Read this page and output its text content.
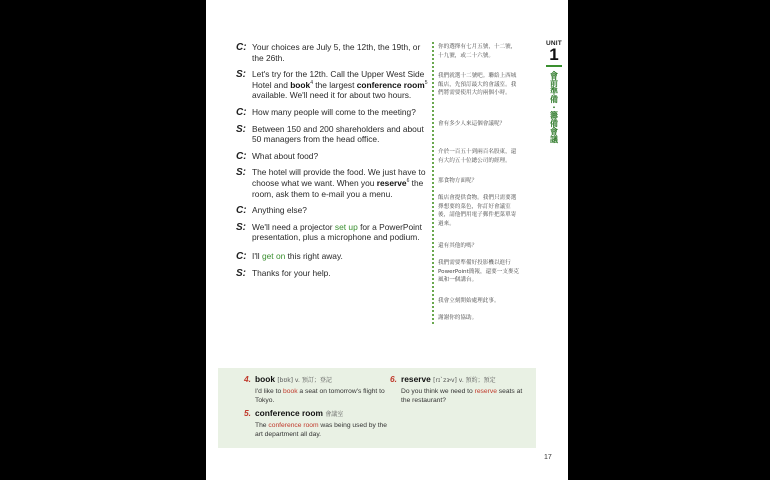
C: Your choices are July 5, the 12th, the 19th, or the 26th.
S: Let's try for the 12th. Call the Upper West Side Hotel and book$^4$ the largest conference room$^5$ available. We'll need it for about two hours.
C: How many people will come to the meeting?
S: Between 150 and 200 shareholders and about 50 managers from the head office.
C: What about food?
S: The hotel will provide the food. We just have to choose what we want. When you reserve$^6$ the room, ask them to e-mail you a menu.
C: Anything else?
S: We'll need a projector set up for a PowerPoint presentation, plus a microphone and podium.
C: I'll get on this right away.
S: Thanks for your help.
你的選擇有七月五號，十二號，十九號，或二十六號。
我們就選十二號吧。聯絡上西城飯店，先預訂最大的會議室。我們將需要使用大約兩個小時。
會有多少人來這個會議呢？
介於一百五十到兩百名股東，還有大約五十位總公司的經理。
那食物方面呢？
飯店會提供食物。我們只需要選擇想要的菜色，你訂好會議室後，請他們用電子郵件把菜單寄過來。
還有其他的嗎？
我們需要準備好投影機以進行PowerPoint簡報，還要一支麥克風和一個講台。
我會立刻開始處理此事。
謝謝你的協助。
UNIT
1
會前準備・籌備會議
4. book [bʊk] v. 預訂；登記
I'd like to book a seat on tomorrow's flight to Tokyo.
5. conference room 會議室
The conference room was being used by the art department all day.
6. reserve [rɪˋzɝv] v. 預約；預定
Do you think we need to reserve seats at the restaurant?
17
